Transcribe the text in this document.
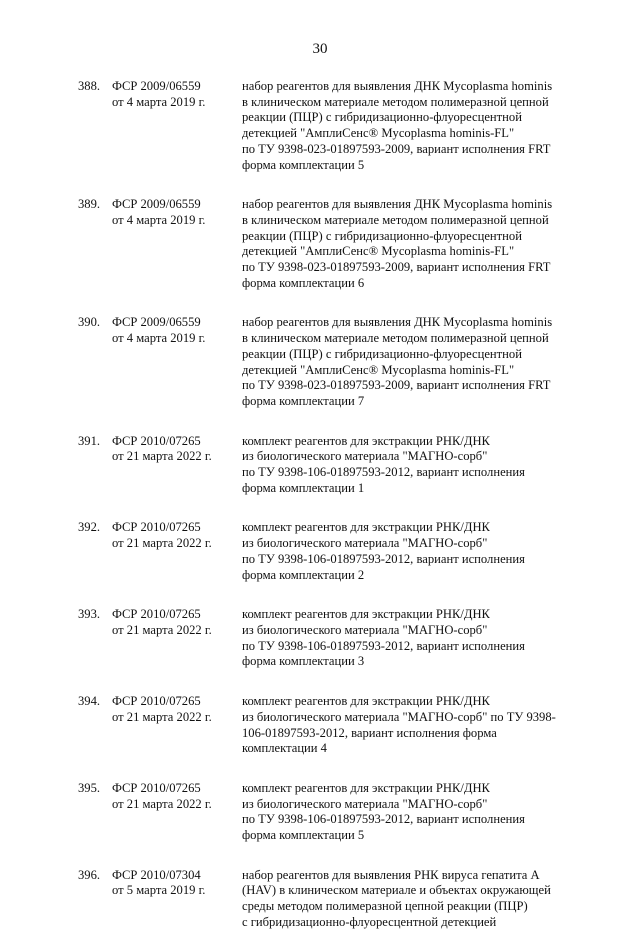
30
388. ФСР 2009/06559
от 4 марта 2019 г.
набор реагентов для выявления ДНК Mycoplasma hominis
в клиническом материале методом полимеразной цепной
реакции (ПЦР) с гибридизационно-флуоресцентной
детекцией "АмплиСенс® Mycoplasma hominis-FL"
по ТУ 9398-023-01897593-2009, вариант исполнения FRT
форма комплектации 5
389. ФСР 2009/06559
от 4 марта 2019 г.
набор реагентов для выявления ДНК Mycoplasma hominis
в клиническом материале методом полимеразной цепной
реакции (ПЦР) с гибридизационно-флуоресцентной
детекцией "АмплиСенс® Mycoplasma hominis-FL"
по ТУ 9398-023-01897593-2009, вариант исполнения FRT
форма комплектации 6
390. ФСР 2009/06559
от 4 марта 2019 г.
набор реагентов для выявления ДНК Mycoplasma hominis
в клиническом материале методом полимеразной цепной
реакции (ПЦР) с гибридизационно-флуоресцентной
детекцией "АмплиСенс® Mycoplasma hominis-FL"
по ТУ 9398-023-01897593-2009, вариант исполнения FRT
форма комплектации 7
391. ФСР 2010/07265
от 21 марта 2022 г.
комплект реагентов для экстракции РНК/ДНК
из биологического материала "МАГНО-сорб"
по ТУ 9398-106-01897593-2012, вариант исполнения
форма комплектации 1
392. ФСР 2010/07265
от 21 марта 2022 г.
комплект реагентов для экстракции РНК/ДНК
из биологического материала "МАГНО-сорб"
по ТУ 9398-106-01897593-2012, вариант исполнения
форма комплектации 2
393. ФСР 2010/07265
от 21 марта 2022 г.
комплект реагентов для экстракции РНК/ДНК
из биологического материала "МАГНО-сорб"
по ТУ 9398-106-01897593-2012, вариант исполнения
форма комплектации 3
394. ФСР 2010/07265
от 21 марта 2022 г.
комплект реагентов для экстракции РНК/ДНК
из биологического материала "МАГНО-сорб" по ТУ 9398-
106-01897593-2012, вариант исполнения форма
комплектации 4
395. ФСР 2010/07265
от 21 марта 2022 г.
комплект реагентов для экстракции РНК/ДНК
из биологического материала "МАГНО-сорб"
по ТУ 9398-106-01897593-2012, вариант исполнения
форма комплектации 5
396. ФСР 2010/07304
от 5 марта 2019 г.
набор реагентов для выявления РНК вируса гепатита A
(HAV) в клиническом материале и объектах окружающей
среды методом полимеразной цепной реакции (ПЦР)
с гибридизационно-флуоресцентной детекцией
